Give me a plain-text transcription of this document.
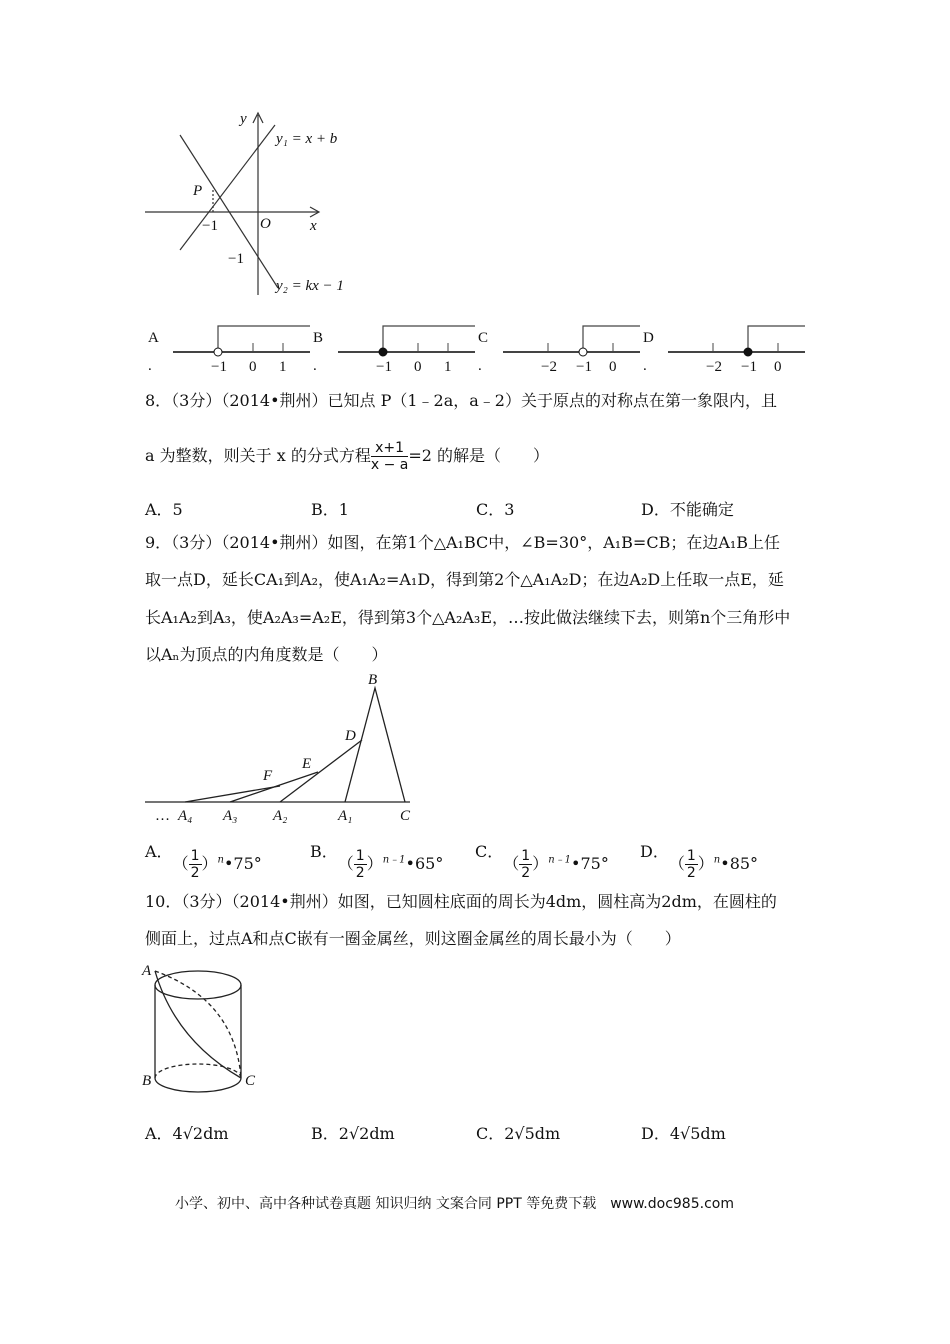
y
x
O
P
−1
−1
y₁ = x + b
y₂ = kx − 1
A
.	−1 0 1
B
.	−1 0 1
C
.	−2 −1 0
D
.	−2 −1 0
B
D
E
F
… A₄ A₃ A₂	A₁	C
A
B	C
8．（3分）（2014•荆州）已知点 P（1﹣2a，a﹣2）关于原点的对称点在第一象限内，且
a 为整数，则关于 x 的分式方程 $\frac{x+1}{x - a} =2$ 的解是（　　）
A．5	B．1	C．3	D．不能确定
9．（3分）（2014•荆州）如图，在第1个△A₁BC中，∠B=30°，A₁B=CB；在边A₁B上任
取一点D，延长CA₁到A₂，使A₁A₂=A₁D，得到第2个△A₁A₂D；在边A₂D上任取一点E，延
长A₁A₂到A₃，使A₂A₃=A₂E，得到第3个△A₂A₃E，…按此做法继续下去，则第n个三角形中
以Aₙ为顶点的内角度数是（　　）
A．（ $\frac{1}{2}$ ）$^n$•75°
B．（ $\frac{1}{2}$ ）$^{n﹣1}$•65°
C．（ $\frac{1}{2}$ ）$^{n﹣1}$•75°
D．（ $\frac{1}{2}$ ）$^n$•85°
10．（3分）（2014•荆州）如图，已知圆柱底面的周长为4dm，圆柱高为2dm，在圆柱的
侧面上，过点A和点C嵌有一圈金属丝，则这圈金属丝的周长最小为（　　）
A．4√2dm	B．2√2dm	C．2√5dm	D．4√5dm
小学、初中、高中各种试卷真题 知识归纳 文案合同 PPT 等免费下载　www.doc985.com
